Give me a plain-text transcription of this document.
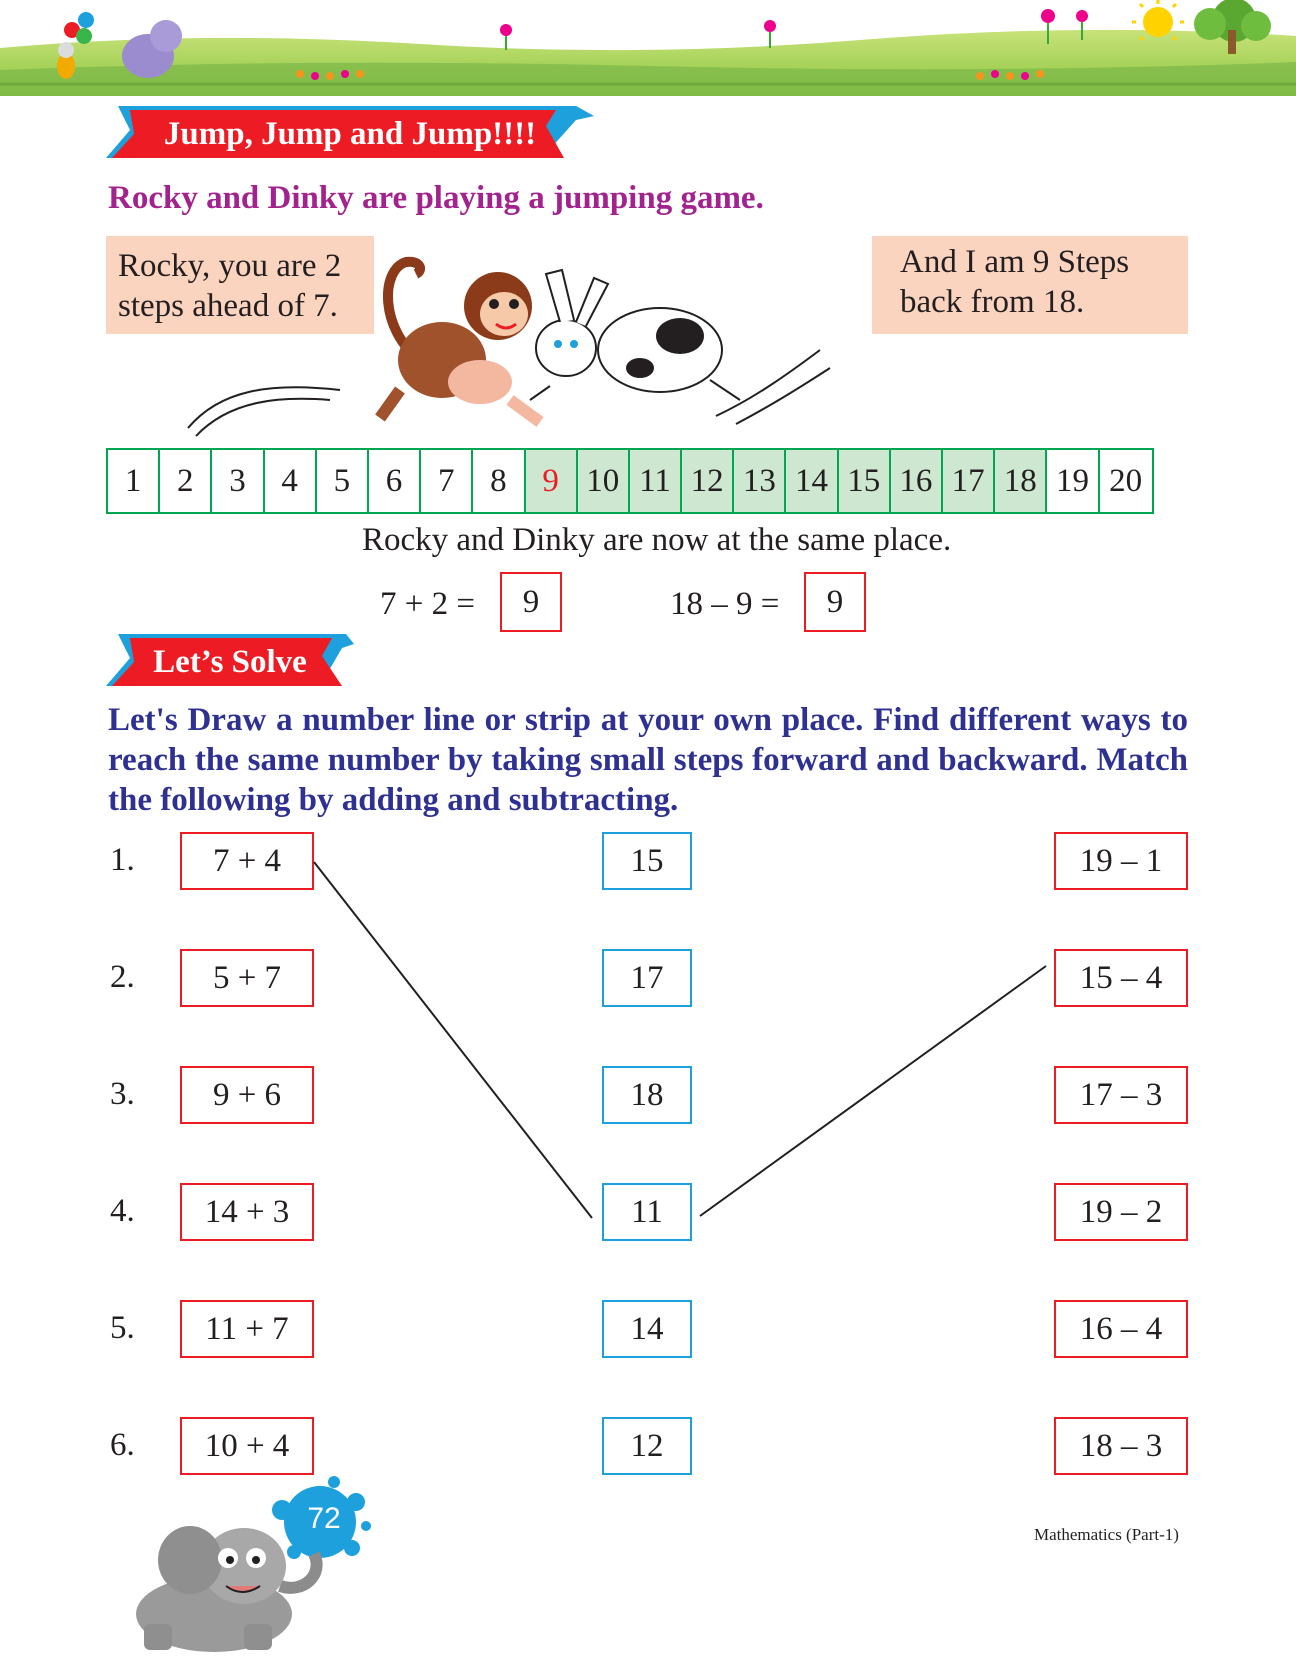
Jump, Jump and Jump!!!!
Rocky and Dinky are playing a jumping game.
Rocky, you are 2
steps ahead of 7.
And I am 9 Steps
back from 18.
1	2	3	4	5	6	7	8	9 10 11 12 13 14 15 16 17 18 19 20
Rocky and Dinky are now at the same place.
7 + 2 = 9	18 – 9 = 9
Let’s Solve
Let's Draw a number line or strip at your own place. Find different ways to reach the same number by taking small steps forward and backward. Match the following by adding and subtracting.
1.	7 + 4	15	19 – 1
2.	5 + 7	17	15 – 4
3.	9 + 6	18	17 – 3
4.	14 + 3	11	19 – 2
5.	11 + 7	14	16 – 4
6.	10 + 4	12	18 – 3
72	Mathematics (Part-1)
